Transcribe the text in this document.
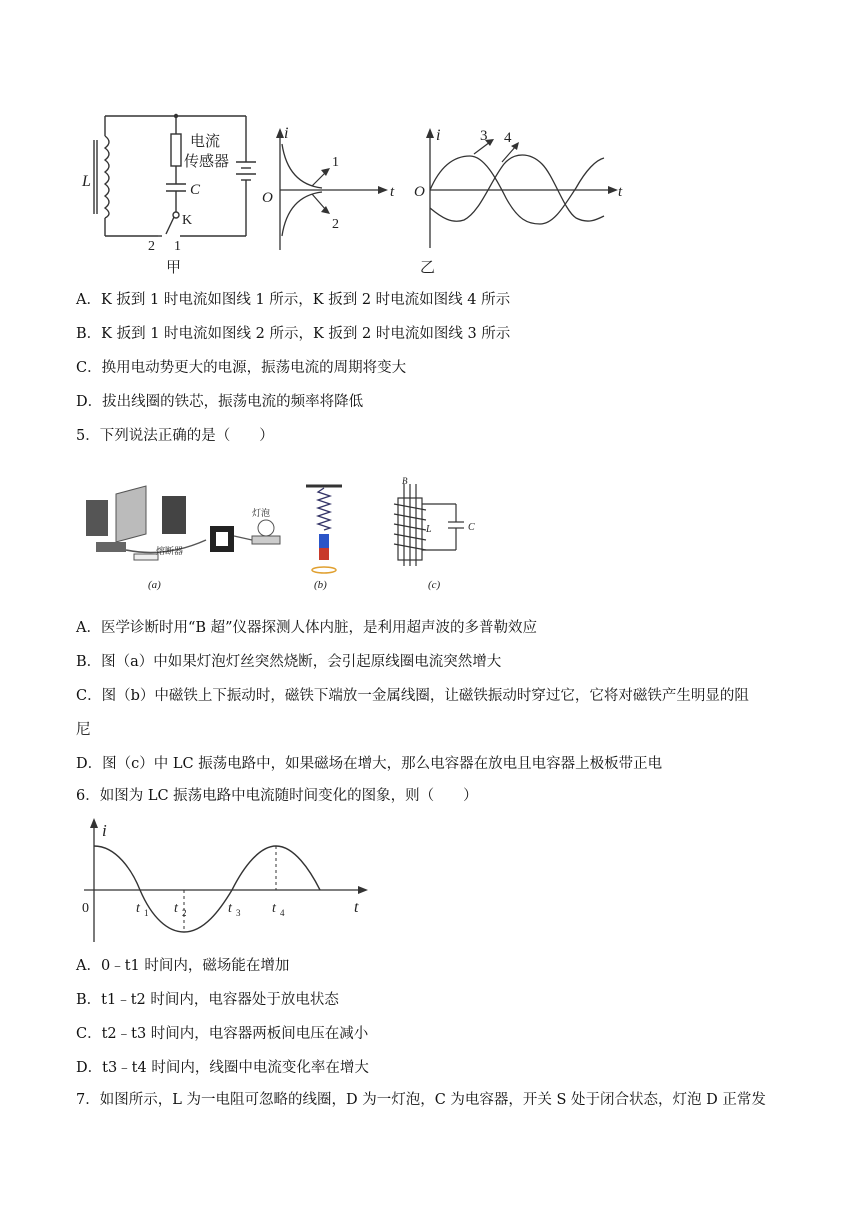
L
电流
传感器
C
K
2 1
甲
i
O	t
1
2
i
O	t
3 4
乙
A．K 扳到 1 时电流如图线 1 所示，K 扳到 2 时电流如图线 4 所示
B．K 扳到 1 时电流如图线 2 所示，K 扳到 2 时电流如图线 3 所示
C．换用电动势更大的电源，振荡电流的周期将变大
D．拔出线圈的铁芯，振荡电流的频率将降低
5．下列说法正确的是（　　）
熔断器
灯泡
(a)	(b)
B
L	C
(c)
A．医学诊断时用“B 超”仪器探测人体内脏，是利用超声波的多普勒效应
B．图（a）中如果灯泡灯丝突然烧断，会引起原线圈电流突然增大
C．图（b）中磁铁上下振动时，磁铁下端放一金属线圈，让磁铁振动时穿过它，它将对磁铁产生明显的阻
尼
D．图（c）中 LC 振荡电路中，如果磁场在增大，那么电容器在放电且电容器上极板带正电
6．如图为 LC 振荡电路中电流随时间变化的图象，则（　　）
i
t
0	t 1 t 2	t 3 t 4
A．0﹣t1 时间内，磁场能在增加
B．t1﹣t2 时间内，电容器处于放电状态
C．t2﹣t3 时间内，电容器两板间电压在减小
D．t3﹣t4 时间内，线圈中电流变化率在增大
7．如图所示，L 为一电阻可忽略的线圈，D 为一灯泡，C 为电容器，开关 S 处于闭合状态，灯泡 D 正常发
